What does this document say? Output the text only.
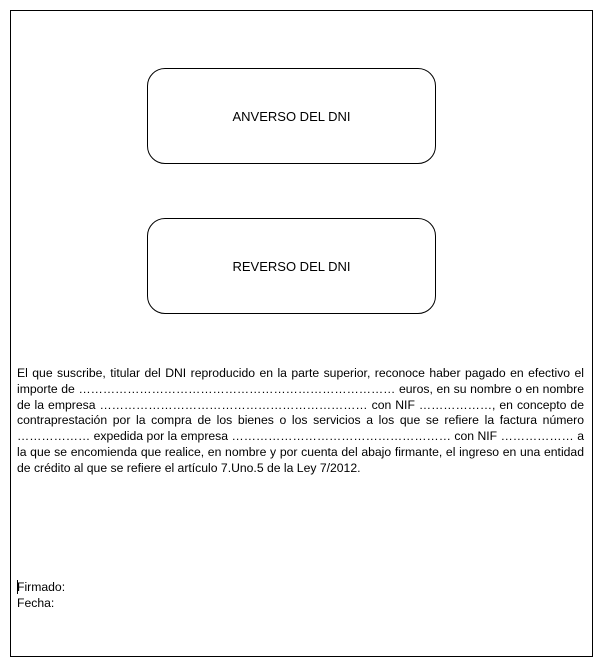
ANVERSO DEL DNI
REVERSO DEL DNI

El que suscribe, titular del DNI reproducido en la parte superior, reconoce haber pagado en efectivo el importe de …………………………………………………………………… euros, en su nombre o en nombre de la empresa ………………………………………………………… con NIF ………………, en concepto de contraprestación por la compra de los bienes o los servicios a los que se refiere la factura número ……………… expedida por la empresa ……………………………………………… con NIF ……………… a la que se encomienda que realice, en nombre y por cuenta del abajo firmante, el ingreso en una entidad de crédito al que se refiere el artículo 7.Uno.5 de la Ley 7/2012.

Firmado:
Fecha:
